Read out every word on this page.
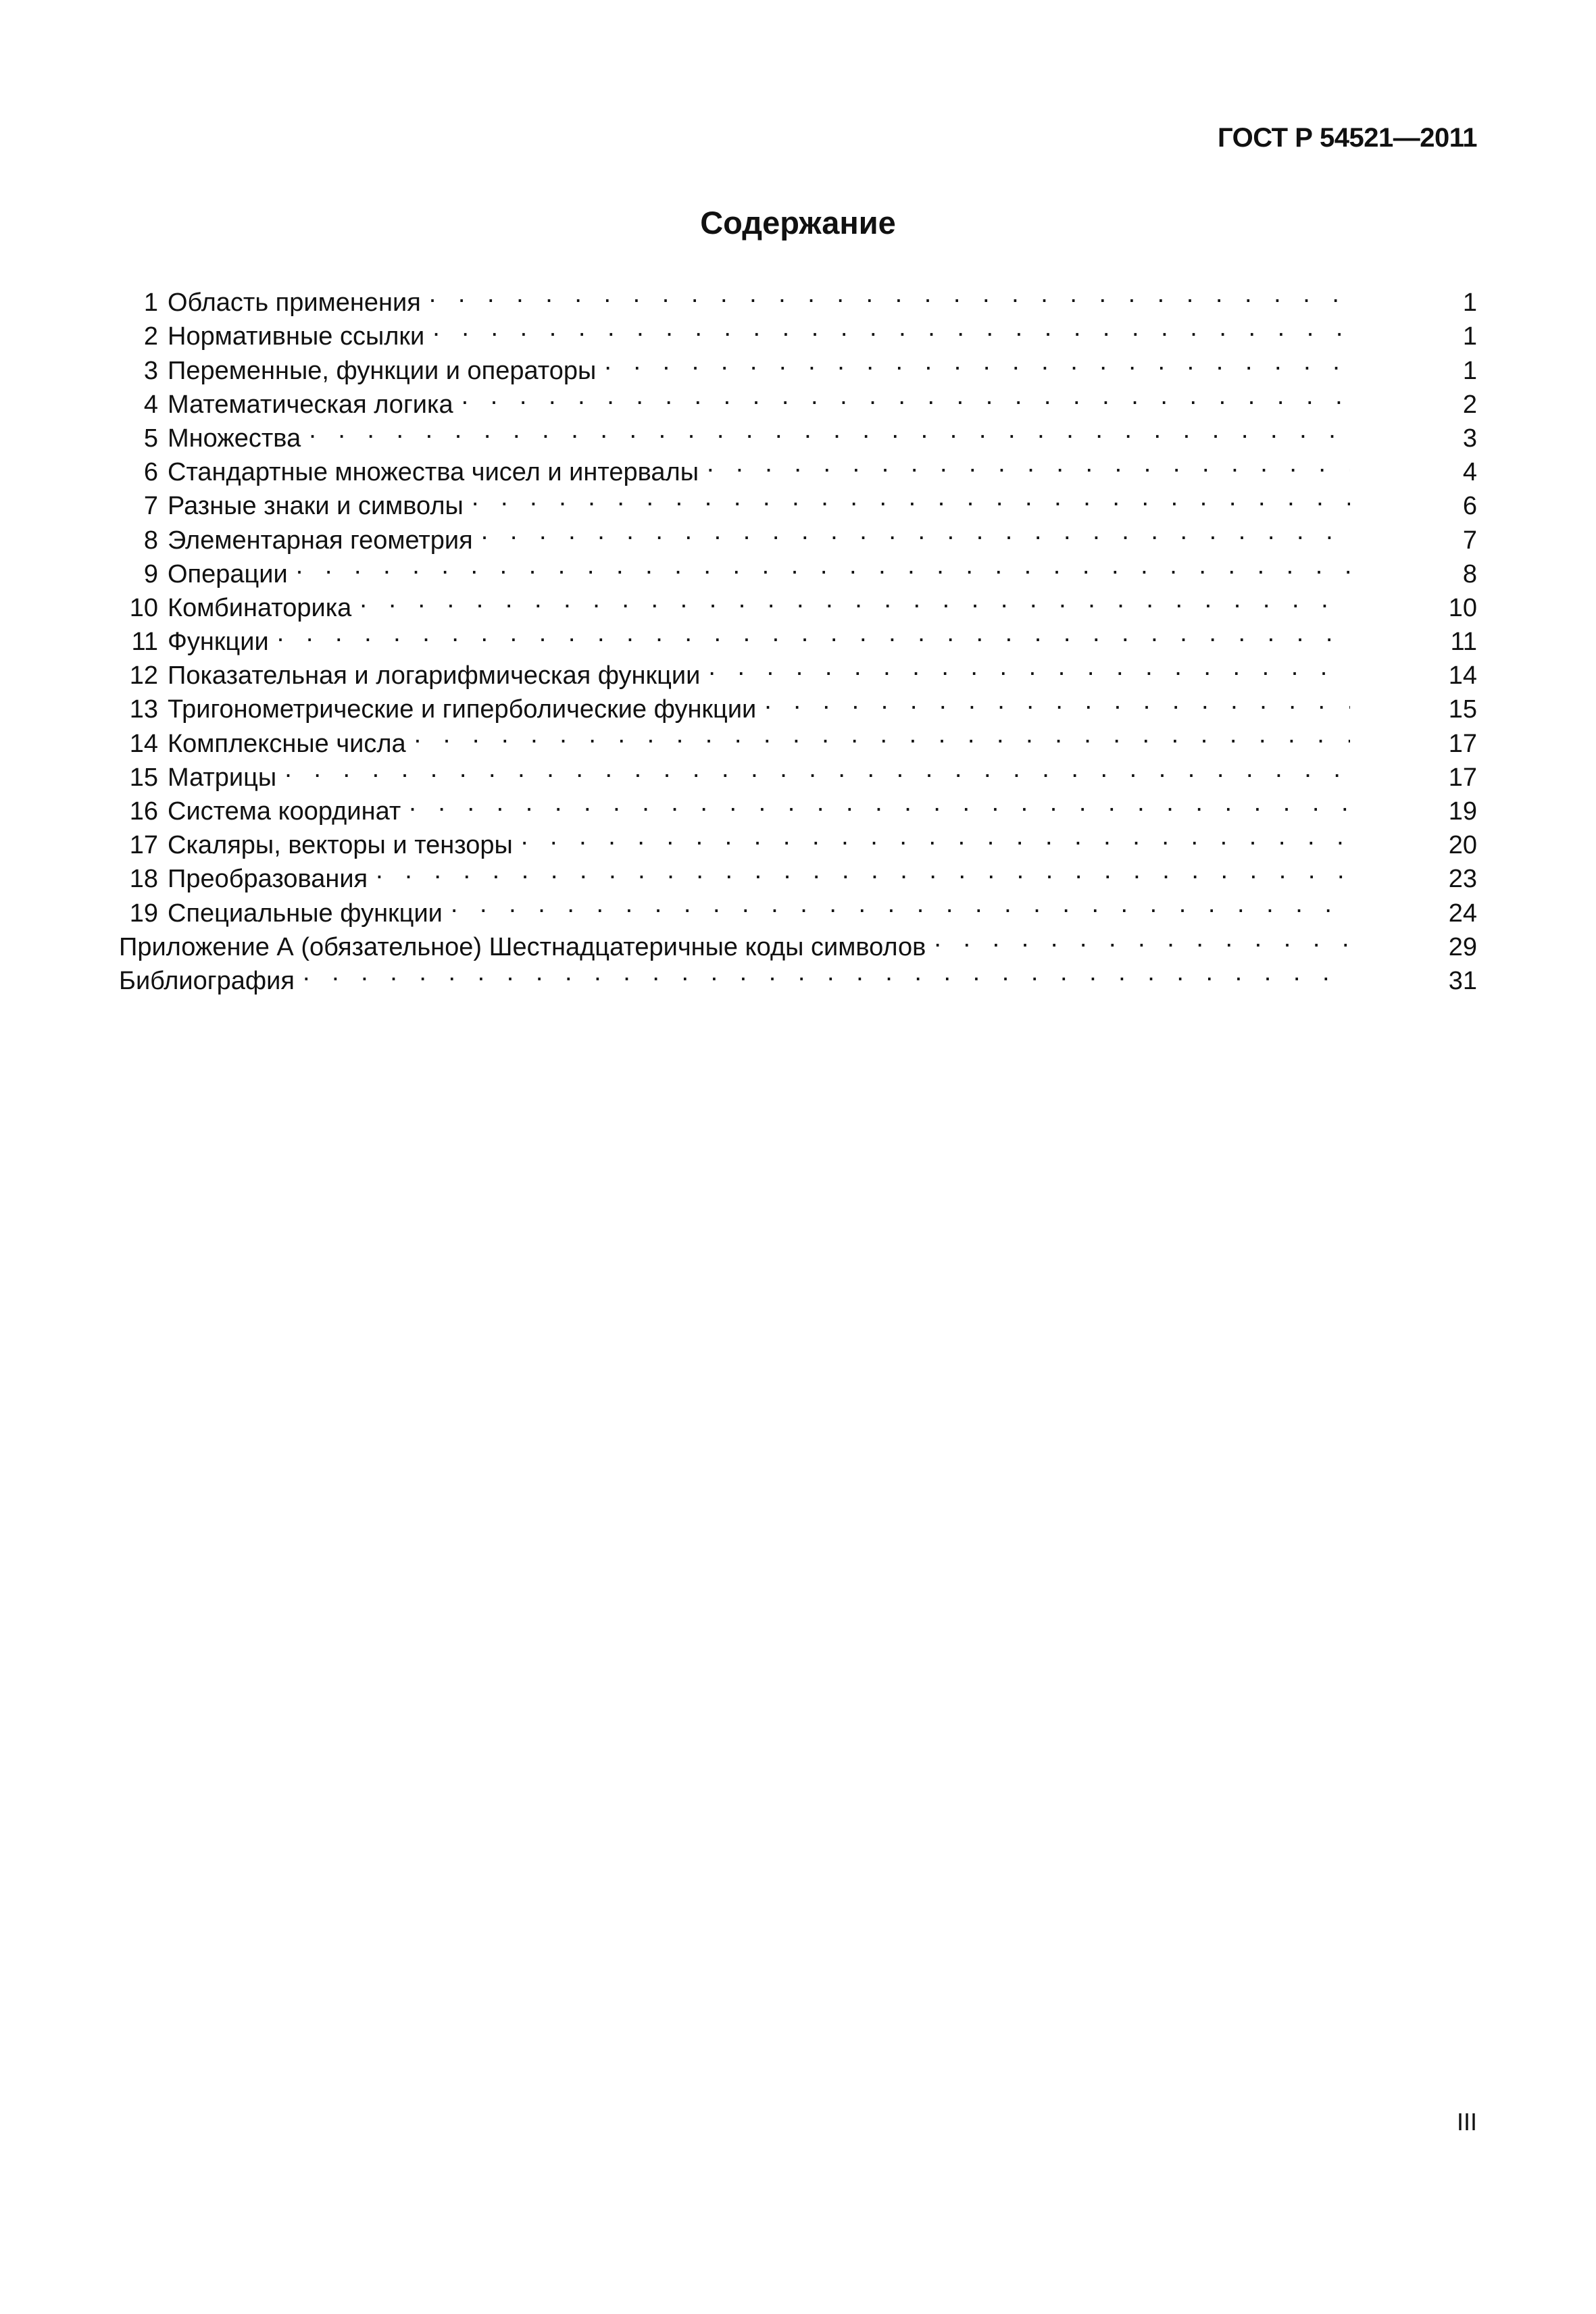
ГОСТ Р 54521—2011
Содержание
1 Область применения . . .	1
2 Нормативные ссылки . . .	1
3 Переменные, функции и операторы . . .	1
4 Математическая логика . . .	2
5 Множества . . .	3
6 Стандартные множества чисел и интервалы . . .	4
7 Разные знаки и символы . . .	6
8 Элементарная геометрия . . .	7
9 Операции . . .	8
10 Комбинаторика . . .	10
11 Функции . . .	11
12 Показательная и логарифмическая функции . . .	14
13 Тригонометрические и гиперболические функции . . .	15
14 Комплексные числа . . .	17
15 Матрицы . . .	17
16 Система координат . . .	19
17 Скаляры, векторы и тензоры . . .	20
18 Преобразования . . .	23
19 Специальные функции . . .	24
Приложение А (обязательное) Шестнадцатеричные коды символов . . .	29
Библиография . . .	31
III
